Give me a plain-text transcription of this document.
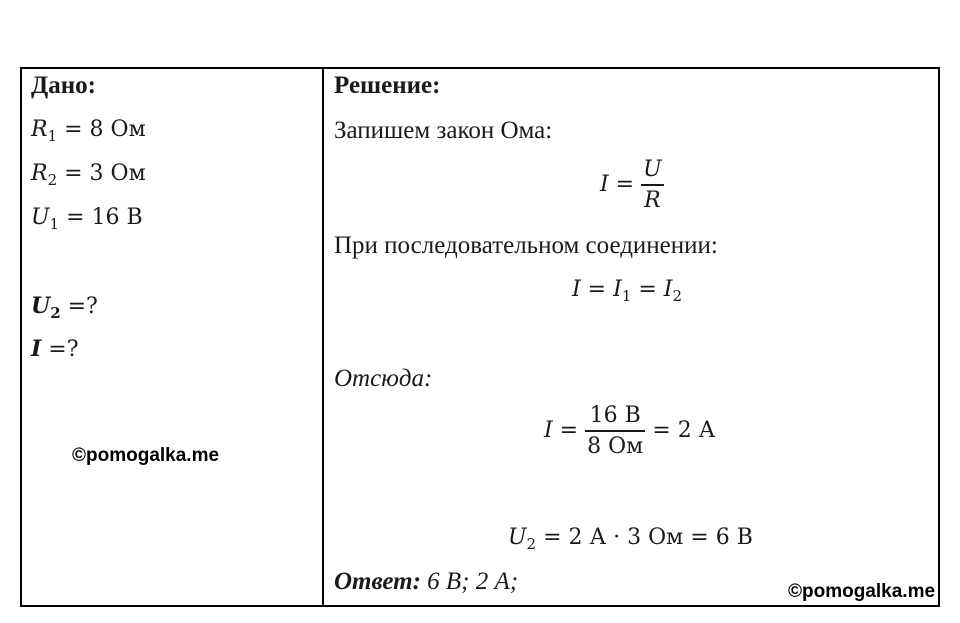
Дано:
$R_1 = 8$ Ом
$R_2 = 3$ Ом
$U_1 = 16$ В
$U_2$ =?
I =?
©pomogalka.me
Решение:
Запишем закон Ома:
$I = \frac{U}{R}$
При последовательном соединении:
$I = I_1 = I_2$
Отсюда:
$I = \frac{16 В}{8 Ом} = 2$ А
$U_2 = 2$ А · 3 Ом = 6 В
Ответ: 6 В; 2 А;	©pomogalka.me
